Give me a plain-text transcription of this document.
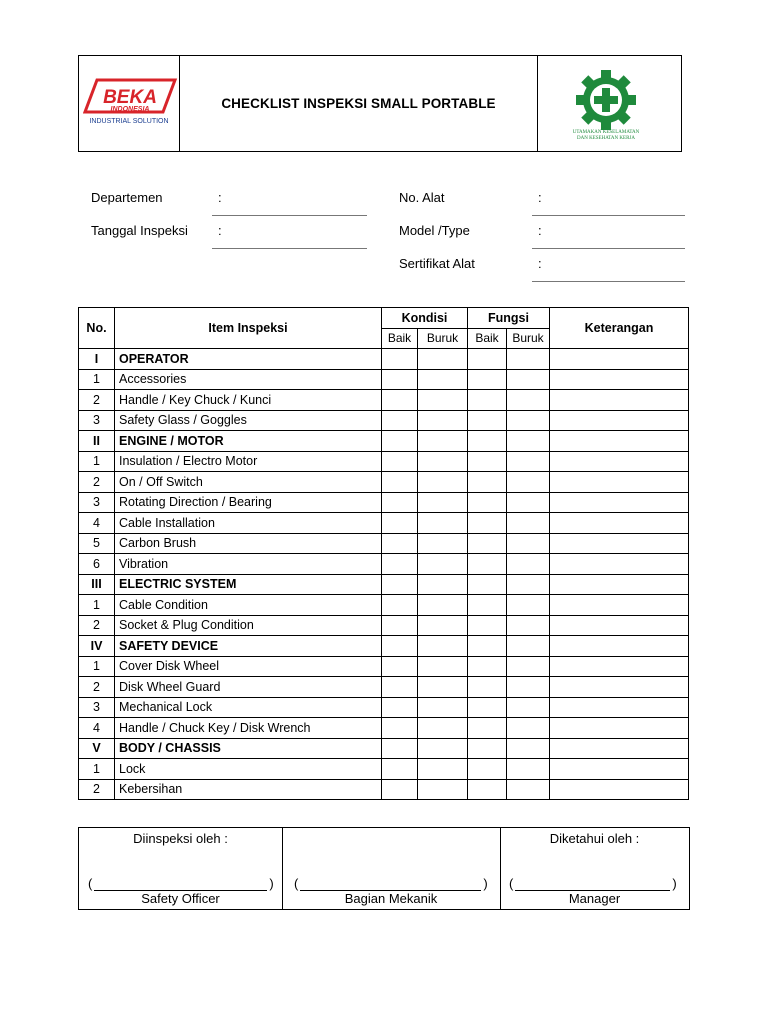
BEKA
INDONESIA
INDUSTRIAL SOLUTION
CHECKLIST INSPEKSI SMALL PORTABLE
UTAMAKAN KESELAMATAN
DAN KESEHATAN KERJA
Departemen	:
Tanggal Inspeksi :
No. Alat	:
Model /Type	:
Sertifikat Alat	:
No.	Item Inspeksi	Kondisi		Fungsi		Keterangan
		Baik	Buruk	Baik	Buruk	
I	OPERATOR					
1	Accessories					
2	Handle / Key Chuck / Kunci					
3	Safety Glass / Goggles					
II	ENGINE / MOTOR					
1	Insulation / Electro Motor					
2	On / Off Switch					
3	Rotating Direction / Bearing					
4	Cable Installation					
5	Carbon Brush					
6	Vibration					
III	ELECTRIC SYSTEM					
1	Cable Condition					
2	Socket & Plug Condition					
IV	SAFETY DEVICE					
1	Cover Disk Wheel					
2	Disk Wheel Guard					
3	Mechanical Lock					
4	Handle / Chuck Key / Disk Wrench					
V	BODY / CHASSIS					
1	Lock					
2	Kebersihan					
Diinspeksi oleh :	Diketahui oleh :
(	) (	) (	)
Safety Officer	Bagian Mekanik	Manager
